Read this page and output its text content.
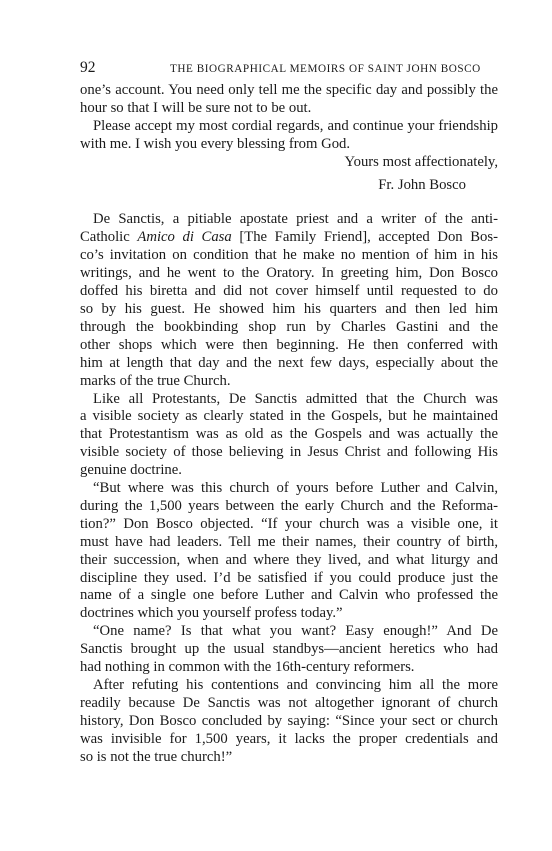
92	THE BIOGRAPHICAL MEMOIRS OF SAINT JOHN BOSCO

one’s account. You need only tell me the specific day and possibly the
hour so that I will be sure not to be out.

Please accept my most cordial regards, and continue your friendship
with me. I wish you every blessing from God.

Yours most affectionately,

Fr. John Bosco

De Sanctis, a pitiable apostate priest and a writer of the anti-
Catholic Amico di Casa [The Family Friend], accepted Don Bos-
co’s invitation on condition that he make no mention of him in his
writings, and he went to the Oratory. In greeting him, Don Bosco
doffed his biretta and did not cover himself until requested to do
so by his guest. He showed him his quarters and then led him
through the bookbinding shop run by Charles Gastini and the
other shops which were then beginning. He then conferred with
him at length that day and the next few days, especially about the
marks of the true Church.

Like all Protestants, De Sanctis admitted that the Church was
a visible society as clearly stated in the Gospels, but he maintained
that Protestantism was as old as the Gospels and was actually the
visible society of those believing in Jesus Christ and following His
genuine doctrine.

“But where was this church of yours before Luther and Calvin,
during the 1,500 years between the early Church and the Reforma-
tion?” Don Bosco objected. “If your church was a visible one, it
must have had leaders. Tell me their names, their country of birth,
their succession, when and where they lived, and what liturgy and
discipline they used. I’d be satisfied if you could produce just the
name of a single one before Luther and Calvin who professed the
doctrines which you yourself profess today.”

“One name? Is that what you want? Easy enough!” And De
Sanctis brought up the usual standbys—ancient heretics who had
had nothing in common with the 16th-century reformers.

After refuting his contentions and convincing him all the more
readily because De Sanctis was not altogether ignorant of church
history, Don Bosco concluded by saying: “Since your sect or church
was invisible for 1,500 years, it lacks the proper credentials and
so is not the true church!”
